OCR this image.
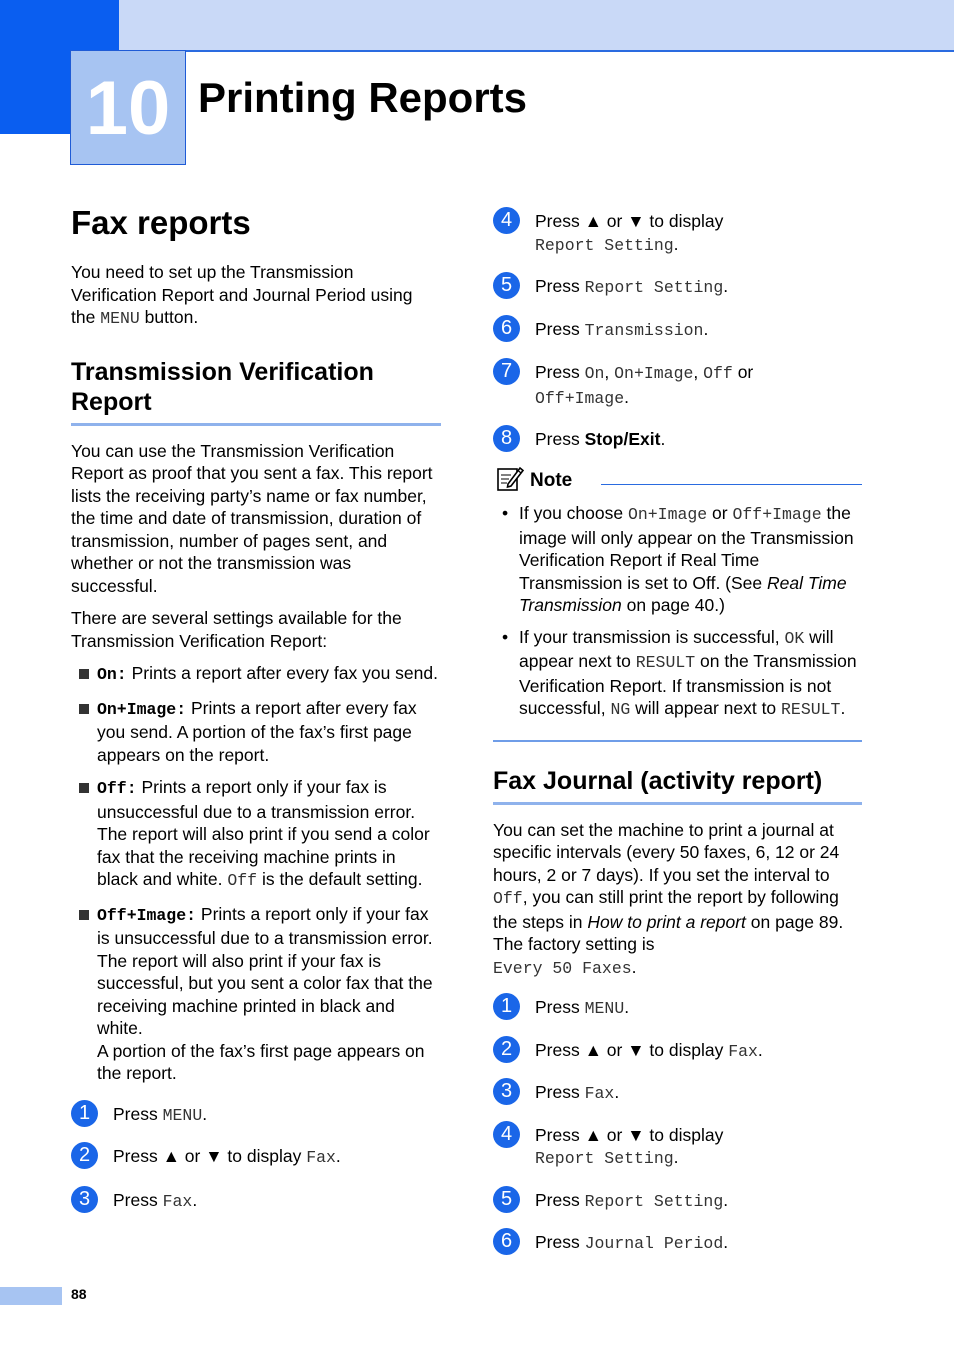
10 Printing Reports
Fax reports

You need to set up the Transmission Verification Report and Journal Period using the MENU button.

Transmission Verification Report

You can use the Transmission Verification Report as proof that you sent a fax. This report lists the receiving party’s name or fax number, the time and date of transmission, duration of transmission, number of pages sent, and whether or not the transmission was successful.

There are several settings available for the Transmission Verification Report:

On: Prints a report after every fax you send.
On+Image: Prints a report after every fax you send. A portion of the fax’s first page appears on the report.
Off: Prints a report only if your fax is unsuccessful due to a transmission error. The report will also print if you send a color fax that the receiving machine prints in black and white. Off is the default setting.
Off+Image: Prints a report only if your fax is unsuccessful due to a transmission error. The report will also print if your fax is successful, but you sent a color fax that the receiving machine printed in black and white.
A portion of the fax’s first page appears on the report.
1	Press MENU.
2	Press ▲ or ▼ to display Fax.
3	Press Fax.
4	Press ▲ or ▼ to display
Report Setting.
5	Press Report Setting.
6	Press Transmission.
7	Press On, On+Image, Off or
Off+Image.
8	Press Stop/Exit.
Note
• If you choose On+Image or Off+Image the image will only appear on the Transmission Verification Report if Real Time Transmission is set to Off. (See Real Time Transmission on page 40.)
• If your transmission is successful, OK will appear next to RESULT on the Transmission Verification Report. If transmission is not successful, NG will appear next to RESULT.
Fax Journal (activity report)

You can set the machine to print a journal at specific intervals (every 50 faxes, 6, 12 or 24 hours, 2 or 7 days). If you set the interval to Off, you can still print the report by following the steps in How to print a report on page 89. The factory setting is
Every 50 Faxes.

1	Press MENU.
2	Press ▲ or ▼ to display Fax.
3	Press Fax.
4	Press ▲ or ▼ to display
Report Setting.
5	Press Report Setting.
6	Press Journal Period.
88
